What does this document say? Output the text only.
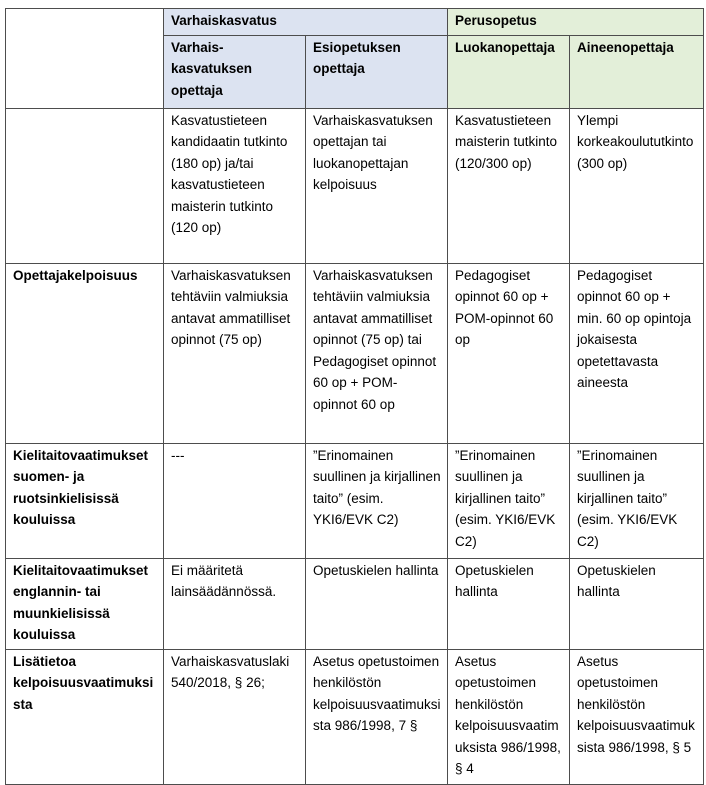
	Varhaiskasvatus		Perusopetus	
	Varhais-kasvatuksen opettaja	Esiopetuksen opettaja	Luokanopettaja	Aineenopettaja
	Kasvatustieteen kandidaatin tutkinto (180 op) ja/tai kasvatustieteen maisterin tutkinto (120 op)	Varhaiskasvatuksen opettajan tai luokanopettajan kelpoisuus	Kasvatustieteen maisterin tutkinto (120/300 op)	Ylempi korkeakoulututkinto (300 op)
Opettajakelpoisuus	Varhaiskasvatuksen tehtäviin valmiuksia antavat ammatilliset opinnot (75 op)	Varhaiskasvatuksen tehtäviin valmiuksia antavat ammatilliset opinnot (75 op) tai Pedagogiset opinnot 60 op + POM-opinnot 60 op	Pedagogiset opinnot 60 op + POM-opinnot 60 op	Pedagogiset opinnot 60 op + min. 60 op opintoja jokaisesta opetettavasta aineesta
Kielitaitovaatimukset suomen- ja ruotsinkielisissä kouluissa	---	”Erinomainen suullinen ja kirjallinen taito” (esim. YKI6/EVK C2)	”Erinomainen suullinen ja kirjallinen taito” (esim. YKI6/EVK C2)	”Erinomainen suullinen ja kirjallinen taito” (esim. YKI6/EVK C2)
Kielitaitovaatimukset englannin- tai muunkielisissä kouluissa	Ei määritetä lainsäädännössä.	Opetuskielen hallinta	Opetuskielen hallinta	Opetuskielen hallinta
Lisätietoa kelpoisuusvaatimuksista	Varhaiskasvatuslaki 540/2018, § 26;	Asetus opetustoimen henkilöstön kelpoisuusvaatimuksista 986/1998, 7 §	Asetus opetustoimen henkilöstön kelpoisuusvaatimuksista 986/1998, § 4	Asetus opetustoimen henkilöstön kelpoisuusvaatimuksista 986/1998, § 5
